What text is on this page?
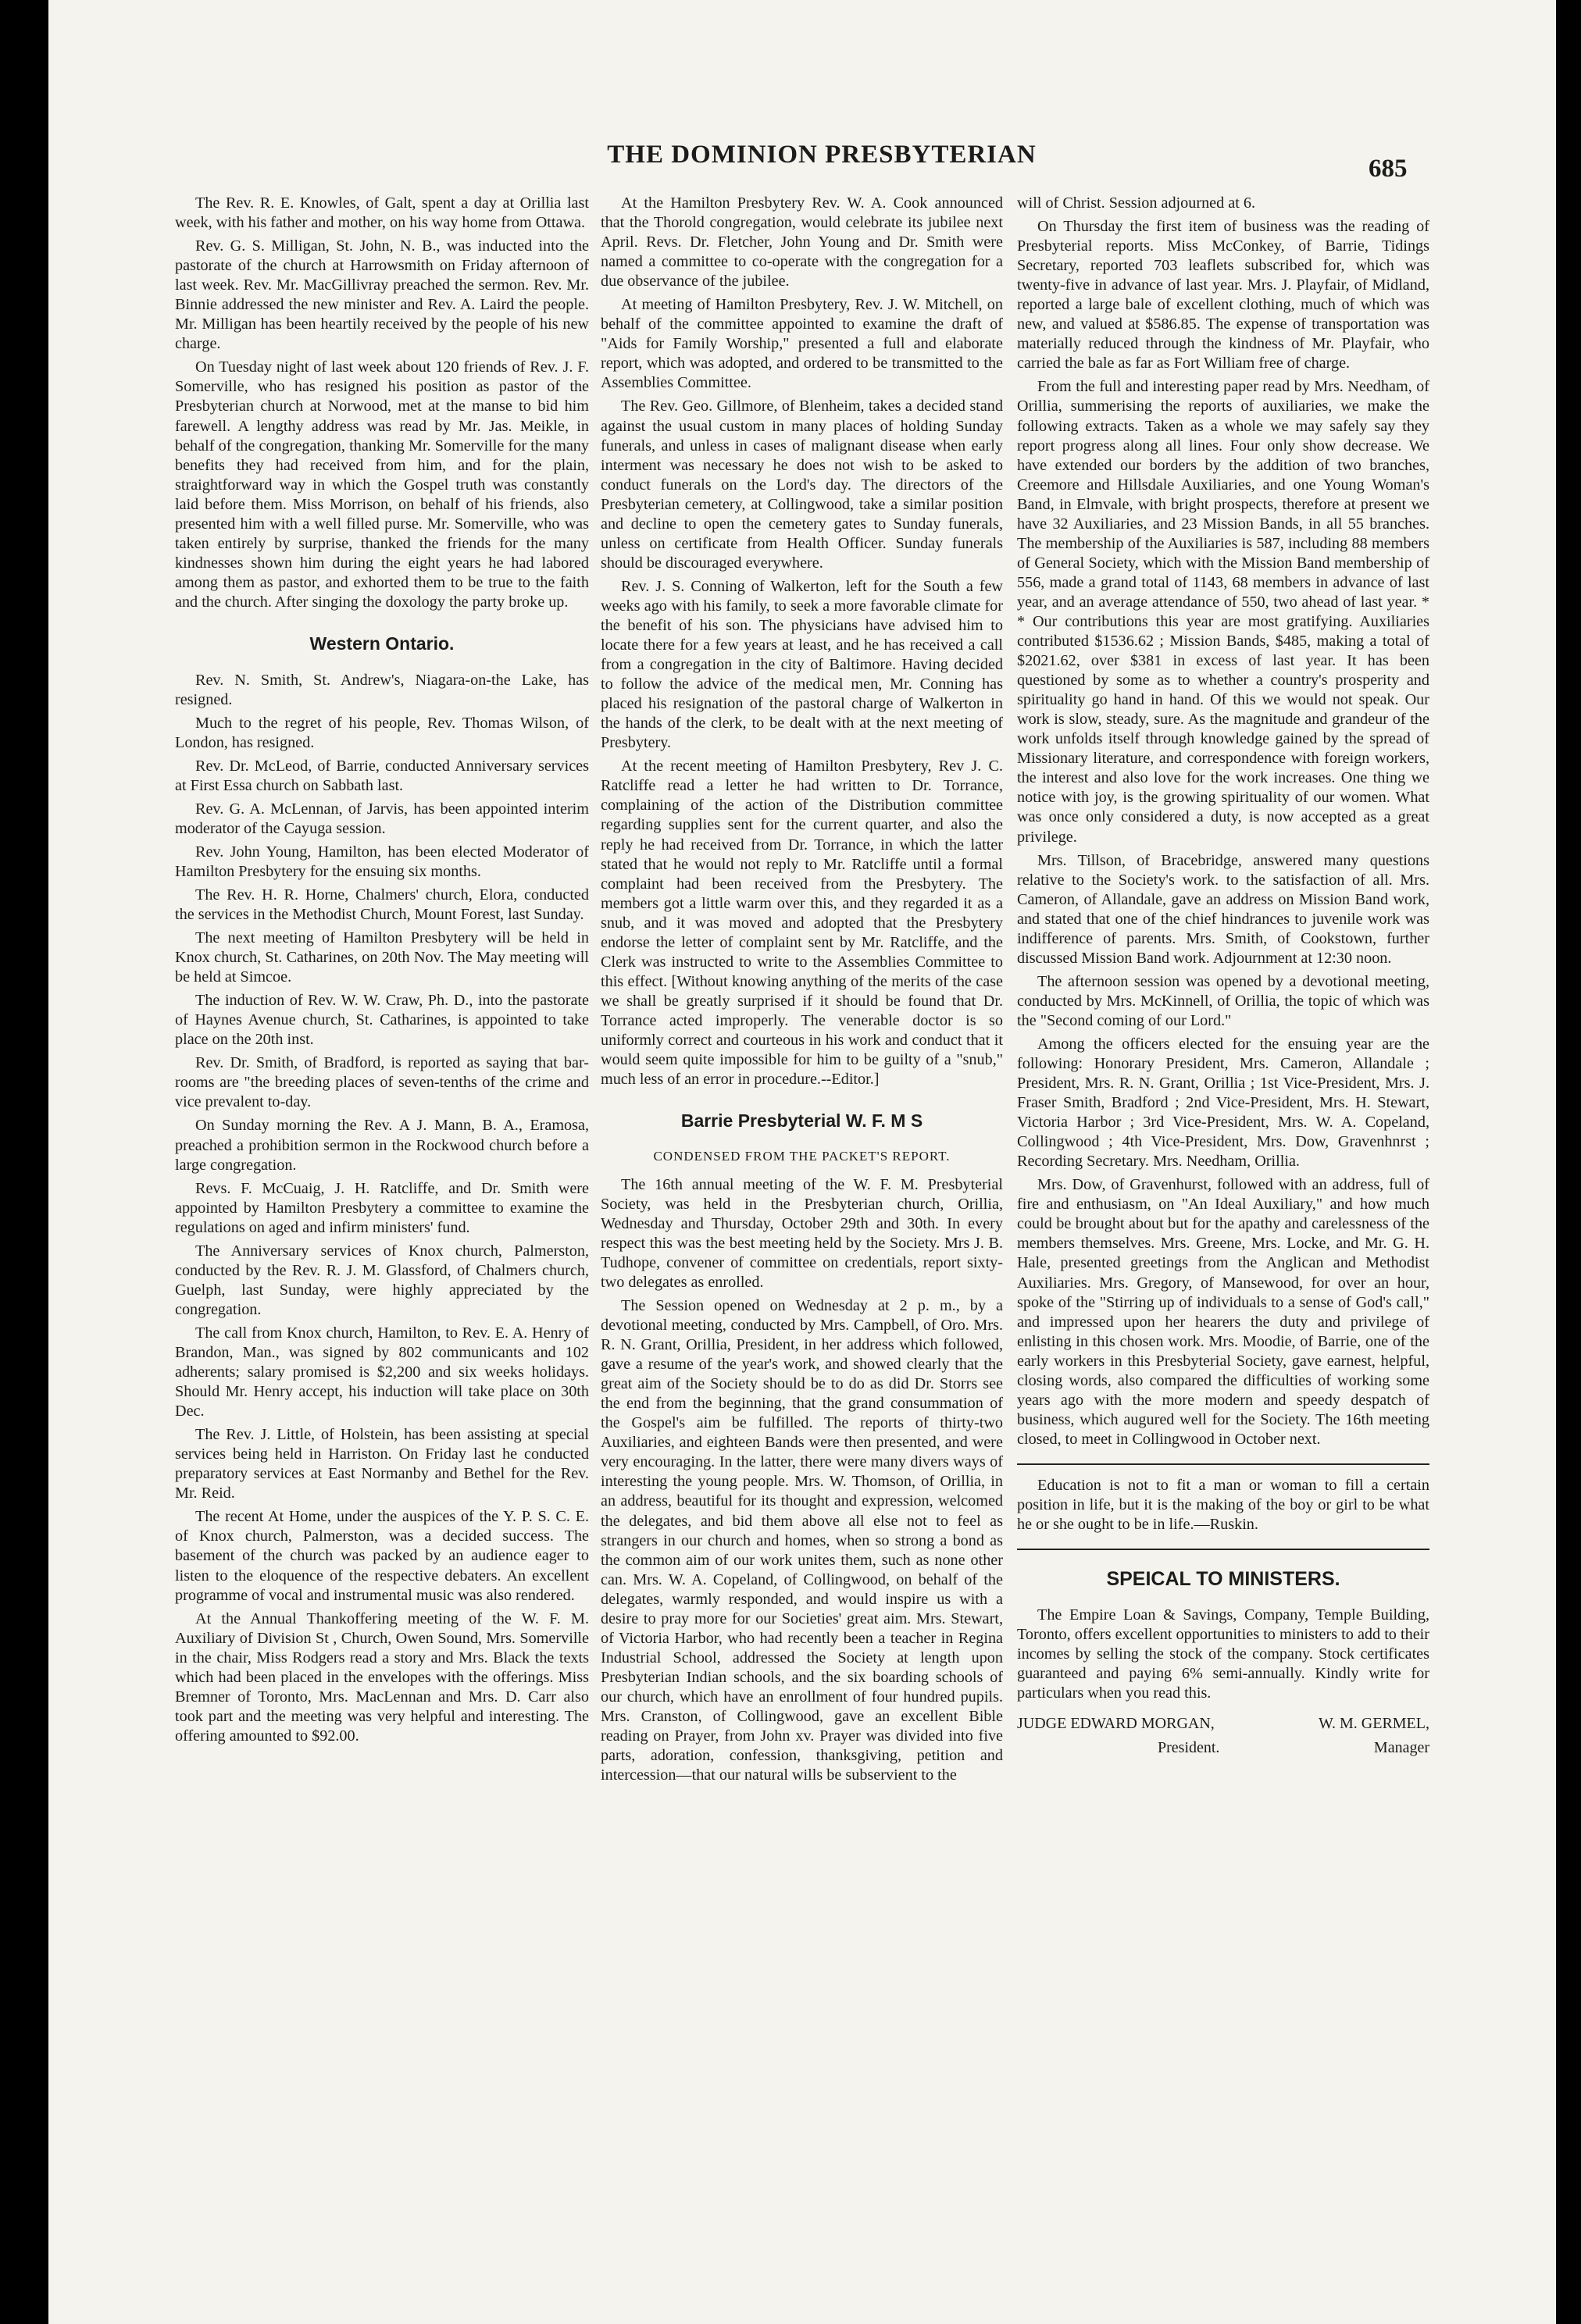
THE DOMINION PRESBYTERIAN	685

The Rev. R. E. Knowles, of Galt, spent a day at Orillia last week, with his father and mother, on his way home from Ottawa.

Rev. G. S. Milligan, St. John, N. B., was inducted into the pastorate of the church at Harrowsmith on Friday afternoon of last week. Rev. Mr. MacGillivray preached the sermon. Rev. Mr. Binnie addressed the new minister and Rev. A. Laird the people. Mr. Milligan has been heartily received by the people of his new charge.

On Tuesday night of last week about 120 friends of Rev. J. F. Somerville, who has resigned his position as pastor of the Presbyterian church at Norwood, met at the manse to bid him farewell. A lengthy address was read by Mr. Jas. Meikle, in behalf of the congregation, thanking Mr. Somerville for the many benefits they had received from him, and for the plain, straightforward way in which the Gospel truth was constantly laid before them. Miss Morrison, on behalf of his friends, also presented him with a well filled purse. Mr. Somerville, who was taken entirely by surprise, thanked the friends for the many kindnesses shown him during the eight years he had labored among them as pastor, and exhorted them to be true to the faith and the church. After singing the doxology the party broke up.

Western Ontario.

Rev. N. Smith, St. Andrew's, Niagara-on-the Lake, has resigned.

Much to the regret of his people, Rev. Thomas Wilson, of London, has resigned.

Rev. Dr. McLeod, of Barrie, conducted Anniversary services at First Essa church on Sabbath last.

Rev. G. A. McLennan, of Jarvis, has been appointed interim moderator of the Cayuga session.

Rev. John Young, Hamilton, has been elected Moderator of Hamilton Presbytery for the ensuing six months.

The Rev. H. R. Horne, Chalmers' church, Elora, conducted the services in the Methodist Church, Mount Forest, last Sunday.

The next meeting of Hamilton Presbytery will be held in Knox church, St. Catharines, on 20th Nov. The May meeting will be held at Simcoe.

The induction of Rev. W. W. Craw, Ph. D., into the pastorate of Haynes Avenue church, St. Catharines, is appointed to take place on the 20th inst.

Rev. Dr. Smith, of Bradford, is reported as saying that bar-rooms are "the breeding places of seven-tenths of the crime and vice prevalent to-day.

On Sunday morning the Rev. A J. Mann, B. A., Eramosa, preached a prohibition sermon in the Rockwood church before a large congregation.

Revs. F. McCuaig, J. H. Ratcliffe, and Dr. Smith were appointed by Hamilton Presbytery a committee to examine the regulations on aged and infirm ministers' fund.

The Anniversary services of Knox church, Palmerston, conducted by the Rev. R. J. M. Glassford, of Chalmers church, Guelph, last Sunday, were highly appreciated by the congregation.

The call from Knox church, Hamilton, to Rev. E. A. Henry of Brandon, Man., was signed by 802 communicants and 102 adherents; salary promised is $2,200 and six weeks holidays. Should Mr. Henry accept, his induction will take place on 30th Dec.

The Rev. J. Little, of Holstein, has been assisting at special services being held in Harriston. On Friday last he conducted preparatory services at East Normanby and Bethel for the Rev. Mr. Reid.

The recent At Home, under the auspices of the Y. P. S. C. E. of Knox church, Palmerston, was a decided success. The basement of the church was packed by an audience eager to listen to the eloquence of the respective debaters. An excellent programme of vocal and instrumental music was also rendered.

At the Annual Thankoffering meeting of the W. F. M. Auxiliary of Division St , Church, Owen Sound, Mrs. Somerville in the chair, Miss Rodgers read a story and Mrs. Black the texts which had been placed in the envelopes with the offerings. Miss Bremner of Toronto, Mrs. MacLennan and Mrs. D. Carr also took part and the meeting was very helpful and interesting. The offering amounted to $92.00.

At the Hamilton Presbytery Rev. W. A. Cook announced that the Thorold congregation, would celebrate its jubilee next April. Revs. Dr. Fletcher, John Young and Dr. Smith were named a committee to co-operate with the congregation for a due observance of the jubilee.

At meeting of Hamilton Presbytery, Rev. J. W. Mitchell, on behalf of the committee appointed to examine the draft of "Aids for Family Worship," presented a full and elaborate report, which was adopted, and ordered to be transmitted to the Assemblies Committee.

The Rev. Geo. Gillmore, of Blenheim, takes a decided stand against the usual custom in many places of holding Sunday funerals, and unless in cases of malignant disease when early interment was necessary he does not wish to be asked to conduct funerals on the Lord's day. The directors of the Presbyterian cemetery, at Collingwood, take a similar position and decline to open the cemetery gates to Sunday funerals, unless on certificate from Health Officer. Sunday funerals should be discouraged everywhere.

Rev. J. S. Conning of Walkerton, left for the South a few weeks ago with his family, to seek a more favorable climate for the benefit of his son. The physicians have advised him to locate there for a few years at least, and he has received a call from a congregation in the city of Baltimore. Having decided to follow the advice of the medical men, Mr. Conning has placed his resignation of the pastoral charge of Walkerton in the hands of the clerk, to be dealt with at the next meeting of Presbytery.

At the recent meeting of Hamilton Presbytery, Rev J. C. Ratcliffe read a letter he had written to Dr. Torrance, complaining of the action of the Distribution committee regarding supplies sent for the current quarter, and also the reply he had received from Dr. Torrance, in which the latter stated that he would not reply to Mr. Ratcliffe until a formal complaint had been received from the Presbytery. The members got a little warm over this, and they regarded it as a snub, and it was moved and adopted that the Presbytery endorse the letter of complaint sent by Mr. Ratcliffe, and the Clerk was instructed to write to the Assemblies Committee to this effect. [Without knowing anything of the merits of the case we shall be greatly surprised if it should be found that Dr. Torrance acted improperly. The venerable doctor is so uniformly correct and courteous in his work and conduct that it would seem quite impossible for him to be guilty of a "snub," much less of an error in procedure.--Editor.]

Barrie Presbyterial W. F. M S
CONDENSED FROM THE PACKET'S REPORT.

The 16th annual meeting of the W. F. M. Presbyterial Society, was held in the Presbyterian church, Orillia, Wednesday and Thursday, October 29th and 30th. In every respect this was the best meeting held by the Society. Mrs J. B. Tudhope, convener of committee on credentials, report sixty-two delegates as enrolled.

The Session opened on Wednesday at 2 p. m., by a devotional meeting, conducted by Mrs. Campbell, of Oro. Mrs. R. N. Grant, Orillia, President, in her address which followed, gave a resume of the year's work, and showed clearly that the great aim of the Society should be to do as did Dr. Storrs see the end from the beginning, that the grand consummation of the Gospel's aim be fulfilled. The reports of thirty-two Auxiliaries, and eighteen Bands were then presented, and were very encouraging. In the latter, there were many divers ways of interesting the young people. Mrs. W. Thomson, of Orillia, in an address, beautiful for its thought and expression, welcomed the delegates, and bid them above all else not to feel as strangers in our church and homes, when so strong a bond as the common aim of our work unites them, such as none other can. Mrs. W. A. Copeland, of Collingwood, on behalf of the delegates, warmly responded, and would inspire us with a desire to pray more for our Societies' great aim. Mrs. Stewart, of Victoria Harbor, who had recently been a teacher in Regina Industrial School, addressed the Society at length upon Presbyterian Indian schools, and the six boarding schools of our church, which have an enrollment of four hundred pupils. Mrs. Cranston, of Collingwood, gave an excellent Bible reading on Prayer, from John xv. Prayer was divided into five parts, adoration, confession, thanksgiving, petition and intercession—that our natural wills be subservient to the

will of Christ. Session adjourned at 6.

On Thursday the first item of business was the reading of Presbyterial reports. Miss McConkey, of Barrie, Tidings Secretary, reported 703 leaflets subscribed for, which was twenty-five in advance of last year. Mrs. J. Playfair, of Midland, reported a large bale of excellent clothing, much of which was new, and valued at $586.85. The expense of transportation was materially reduced through the kindness of Mr. Playfair, who carried the bale as far as Fort William free of charge.

From the full and interesting paper read by Mrs. Needham, of Orillia, summerising the reports of auxiliaries, we make the following extracts. Taken as a whole we may safely say they report progress along all lines. Four only show decrease. We have extended our borders by the addition of two branches, Creemore and Hillsdale Auxiliaries, and one Young Woman's Band, in Elmvale, with bright prospects, therefore at present we have 32 Auxiliaries, and 23 Mission Bands, in all 55 branches. The membership of the Auxiliaries is 587, including 88 members of General Society, which with the Mission Band membership of 556, made a grand total of 1143, 68 members in advance of last year, and an average attendance of 550, two ahead of last year. * * Our contributions this year are most gratifying. Auxiliaries contributed $1536.62 ; Mission Bands, $485, making a total of $2021.62, over $381 in excess of last year. It has been questioned by some as to whether a country's prosperity and spirituality go hand in hand. Of this we would not speak. Our work is slow, steady, sure. As the magnitude and grandeur of the work unfolds itself through knowledge gained by the spread of Missionary literature, and correspondence with foreign workers, the interest and also love for the work increases. One thing we notice with joy, is the growing spirituality of our women. What was once only considered a duty, is now accepted as a great privilege.

Mrs. Tillson, of Bracebridge, answered many questions relative to the Society's work. to the satisfaction of all. Mrs. Cameron, of Allandale, gave an address on Mission Band work, and stated that one of the chief hindrances to juvenile work was indifference of parents. Mrs. Smith, of Cookstown, further discussed Mission Band work. Adjournment at 12:30 noon.

The afternoon session was opened by a devotional meeting, conducted by Mrs. McKinnell, of Orillia, the topic of which was the "Second coming of our Lord."

Among the officers elected for the ensuing year are the following: Honorary President, Mrs. Cameron, Allandale ; President, Mrs. R. N. Grant, Orillia ; 1st Vice-President, Mrs. J. Fraser Smith, Bradford ; 2nd Vice-President, Mrs. H. Stewart, Victoria Harbor ; 3rd Vice-President, Mrs. W. A. Copeland, Collingwood ; 4th Vice-President, Mrs. Dow, Gravenhnrst ; Recording Secretary. Mrs. Needham, Orillia.

Mrs. Dow, of Gravenhurst, followed with an address, full of fire and enthusiasm, on "An Ideal Auxiliary," and how much could be brought about but for the apathy and carelessness of the members themselves. Mrs. Greene, Mrs. Locke, and Mr. G. H. Hale, presented greetings from the Anglican and Methodist Auxiliaries. Mrs. Gregory, of Mansewood, for over an hour, spoke of the "Stirring up of individuals to a sense of God's call," and impressed upon her hearers the duty and privilege of enlisting in this chosen work. Mrs. Moodie, of Barrie, one of the early workers in this Presbyterial Society, gave earnest, helpful, closing words, also compared the difficulties of working some years ago with the more modern and speedy despatch of business, which augured well for the Society. The 16th meeting closed, to meet in Collingwood in October next.

Education is not to fit a man or woman to fill a certain position in life, but it is the making of the boy or girl to be what he or she ought to be in life.—Ruskin.

SPEICAL TO MINISTERS.

The Empire Loan & Savings, Company, Temple Building, Toronto, offers excellent opportunities to ministers to add to their incomes by selling the stock of the company. Stock certificates guaranteed and paying 6% semi-annually. Kindly write for particulars when you read this.

JUDGE EDWARD MORGAN,	W. M. GERMEL,
President.	Manager
